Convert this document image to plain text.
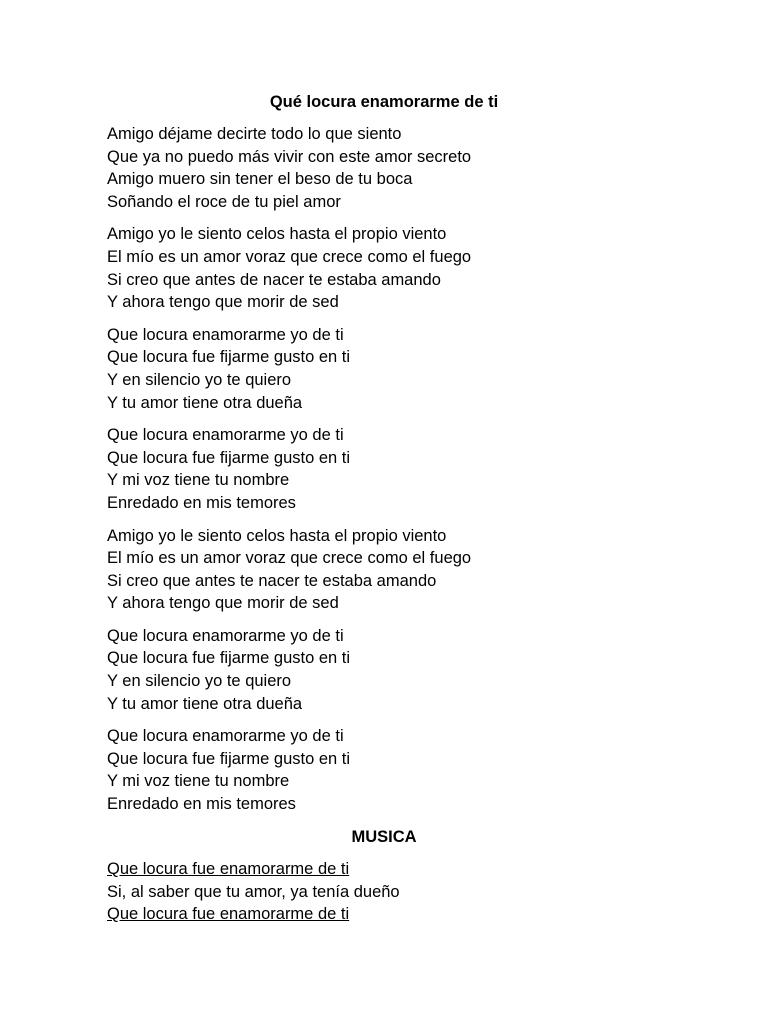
Qué locura enamorarme de ti
Amigo déjame decirte todo lo que siento
Que ya no puedo más vivir con este amor secreto
Amigo muero sin tener el beso de tu boca
Soñando el roce de tu piel amor
Amigo yo le siento celos hasta el propio viento
El mío es un amor voraz que crece como el fuego
Si creo que antes de nacer te estaba amando
Y ahora tengo que morir de sed
Que locura enamorarme yo de ti
Que locura fue fijarme gusto en ti
Y en silencio yo te quiero
Y tu amor tiene otra dueña
Que locura enamorarme yo de ti
Que locura fue fijarme gusto en ti
Y mi voz tiene tu nombre
Enredado en mis temores
Amigo yo le siento celos hasta el propio viento
El mío es un amor voraz que crece como el fuego
Si creo que antes te nacer te estaba amando
Y ahora tengo que morir de sed
Que locura enamorarme yo de ti
Que locura fue fijarme gusto en ti
Y en silencio yo te quiero
Y tu amor tiene otra dueña
Que locura enamorarme yo de ti
Que locura fue fijarme gusto en ti
Y mi voz tiene tu nombre
Enredado en mis temores
MUSICA
Que locura fue enamorarme de ti
Si, al saber que tu amor, ya tenía dueño
Que locura fue enamorarme de ti
